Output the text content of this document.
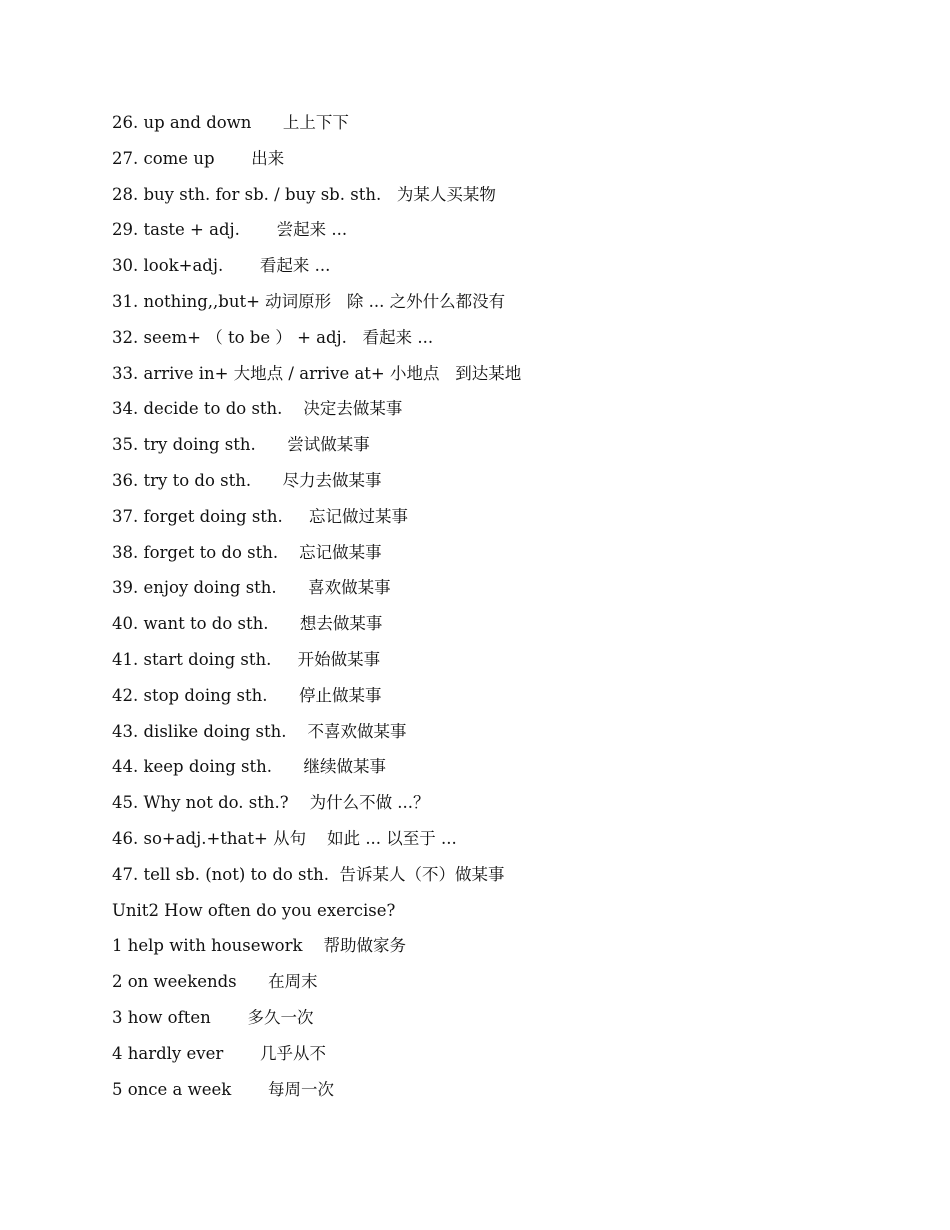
26. up and down      上上下下
27. come up       出来
28. buy sth. for sb. / buy sb. sth.   为某人买某物
29. taste + adj.       尝起来 ...
30. look+adj.       看起来 ...
31. nothing,,but+ 动词原形   除 ... 之外什么都没有
32. seem+ （ to be ） + adj.   看起来 ...
33. arrive in+ 大地点 / arrive at+ 小地点   到达某地
34. decide to do sth.    决定去做某事
35. try doing sth.      尝试做某事
36. try to do sth.      尽力去做某事
37. forget doing sth.     忘记做过某事
38. forget to do sth.    忘记做某事
39. enjoy doing sth.      喜欢做某事
40. want to do sth.      想去做某事
41. start doing sth.     开始做某事
42. stop doing sth.      停止做某事
43. dislike doing sth.    不喜欢做某事
44. keep doing sth.      继续做某事
45. Why not do. sth.?    为什么不做 ...？
46. so+adj.+that+ 从句    如此 ... 以至于 ...
47. tell sb. (not) to do sth.  告诉某人（不）做某事
Unit2 How often do you exercise?
1 help with housework    帮助做家务
2 on weekends      在周末
3 how often       多久一次
4 hardly ever       几乎从不
5 once a week       每周一次
